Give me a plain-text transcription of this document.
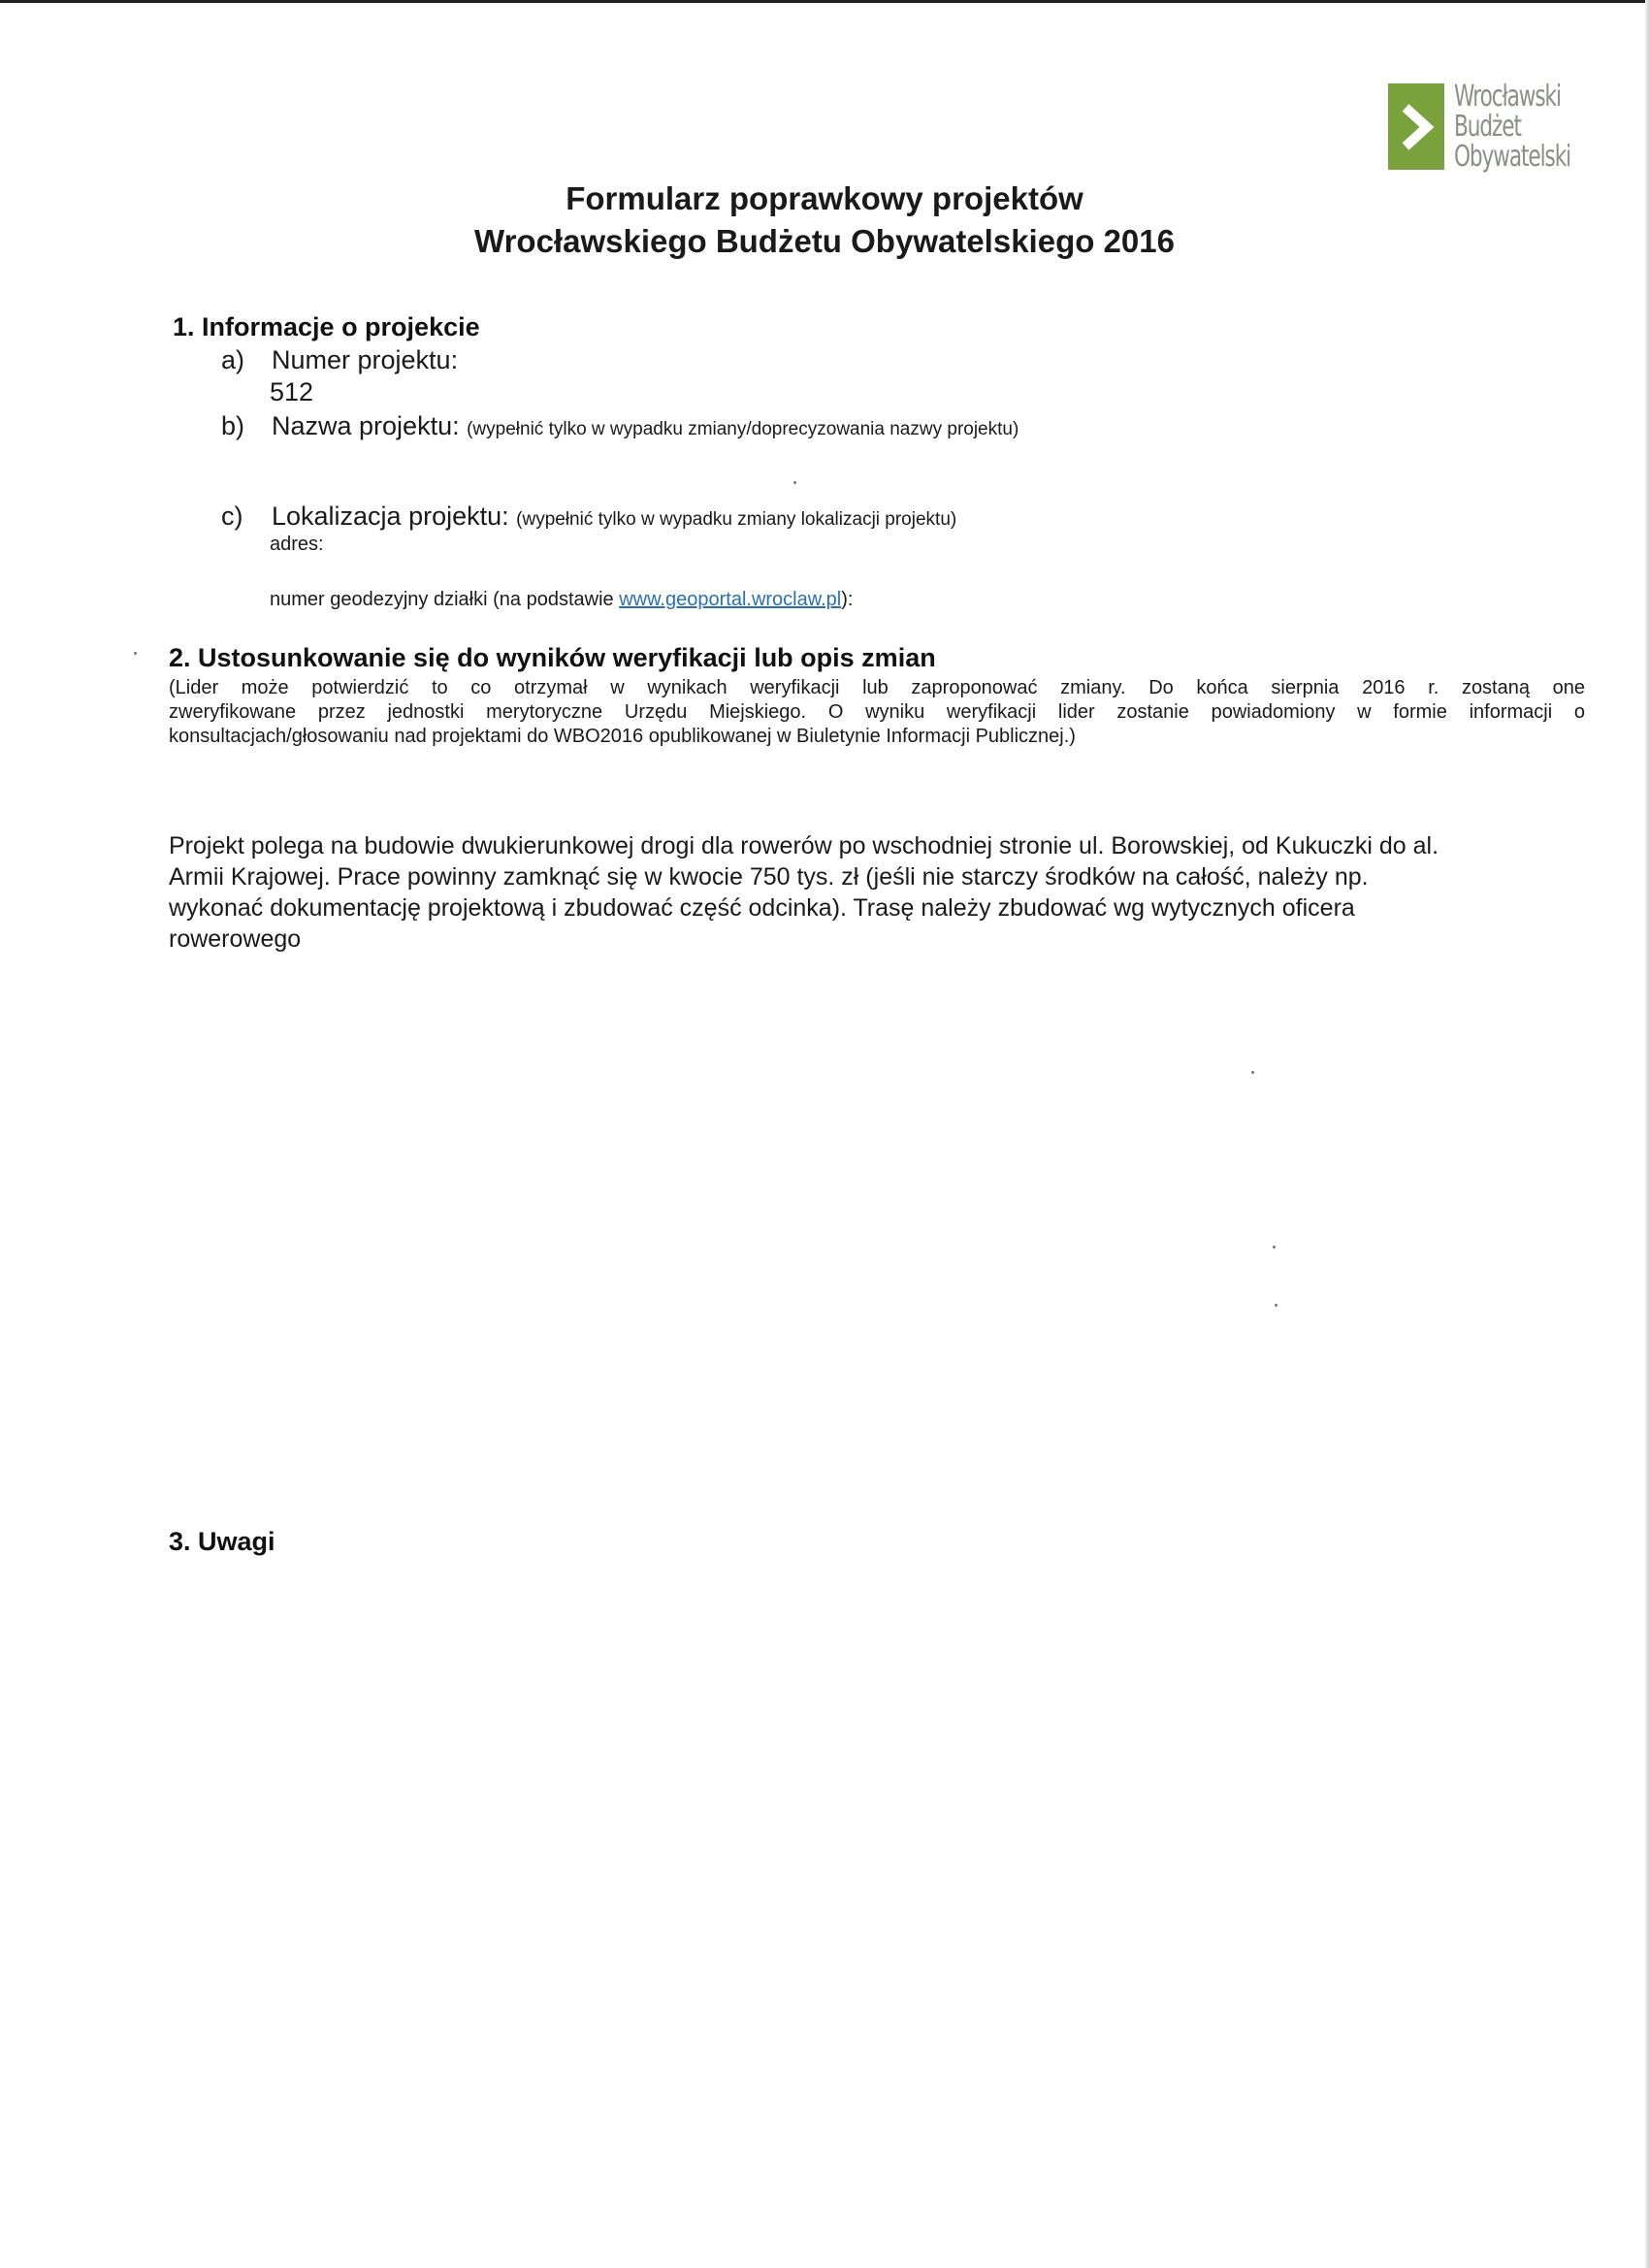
Wrocławski
Budżet
Obywatelski
Formularz poprawkowy projektów
Wrocławskiego Budżetu Obywatelskiego 2016
1. Informacje o projekcie
a) Numer projektu:
512
b) Nazwa projektu: (wypełnić tylko w wypadku zmiany/doprecyzowania nazwy projektu)
c) Lokalizacja projektu: (wypełnić tylko w wypadku zmiany lokalizacji projektu)
adres:
numer geodezyjny działki (na podstawie www.geoportal.wroclaw.pl):
2. Ustosunkowanie się do wyników weryfikacji lub opis zmian
(Lider może potwierdzić to co otrzymał w wynikach weryfikacji lub zaproponować zmiany. Do końca sierpnia 2016 r. zostaną one
zweryfikowane przez jednostki merytoryczne Urzędu Miejskiego. O wyniku weryfikacji lider zostanie powiadomiony w formie informacji o
konsultacjach/głosowaniu nad projektami do WBO2016 opublikowanej w Biuletynie Informacji Publicznej.)
Projekt polega na budowie dwukierunkowej drogi dla rowerów po wschodniej stronie ul. Borowskiej, od Kukuczki do al.
Armii Krajowej. Prace powinny zamknąć się w kwocie 750 tys. zł (jeśli nie starczy środków na całość, należy np.
wykonać dokumentację projektową i zbudować część odcinka). Trasę należy zbudować wg wytycznych oficera
rowerowego
3. Uwagi
